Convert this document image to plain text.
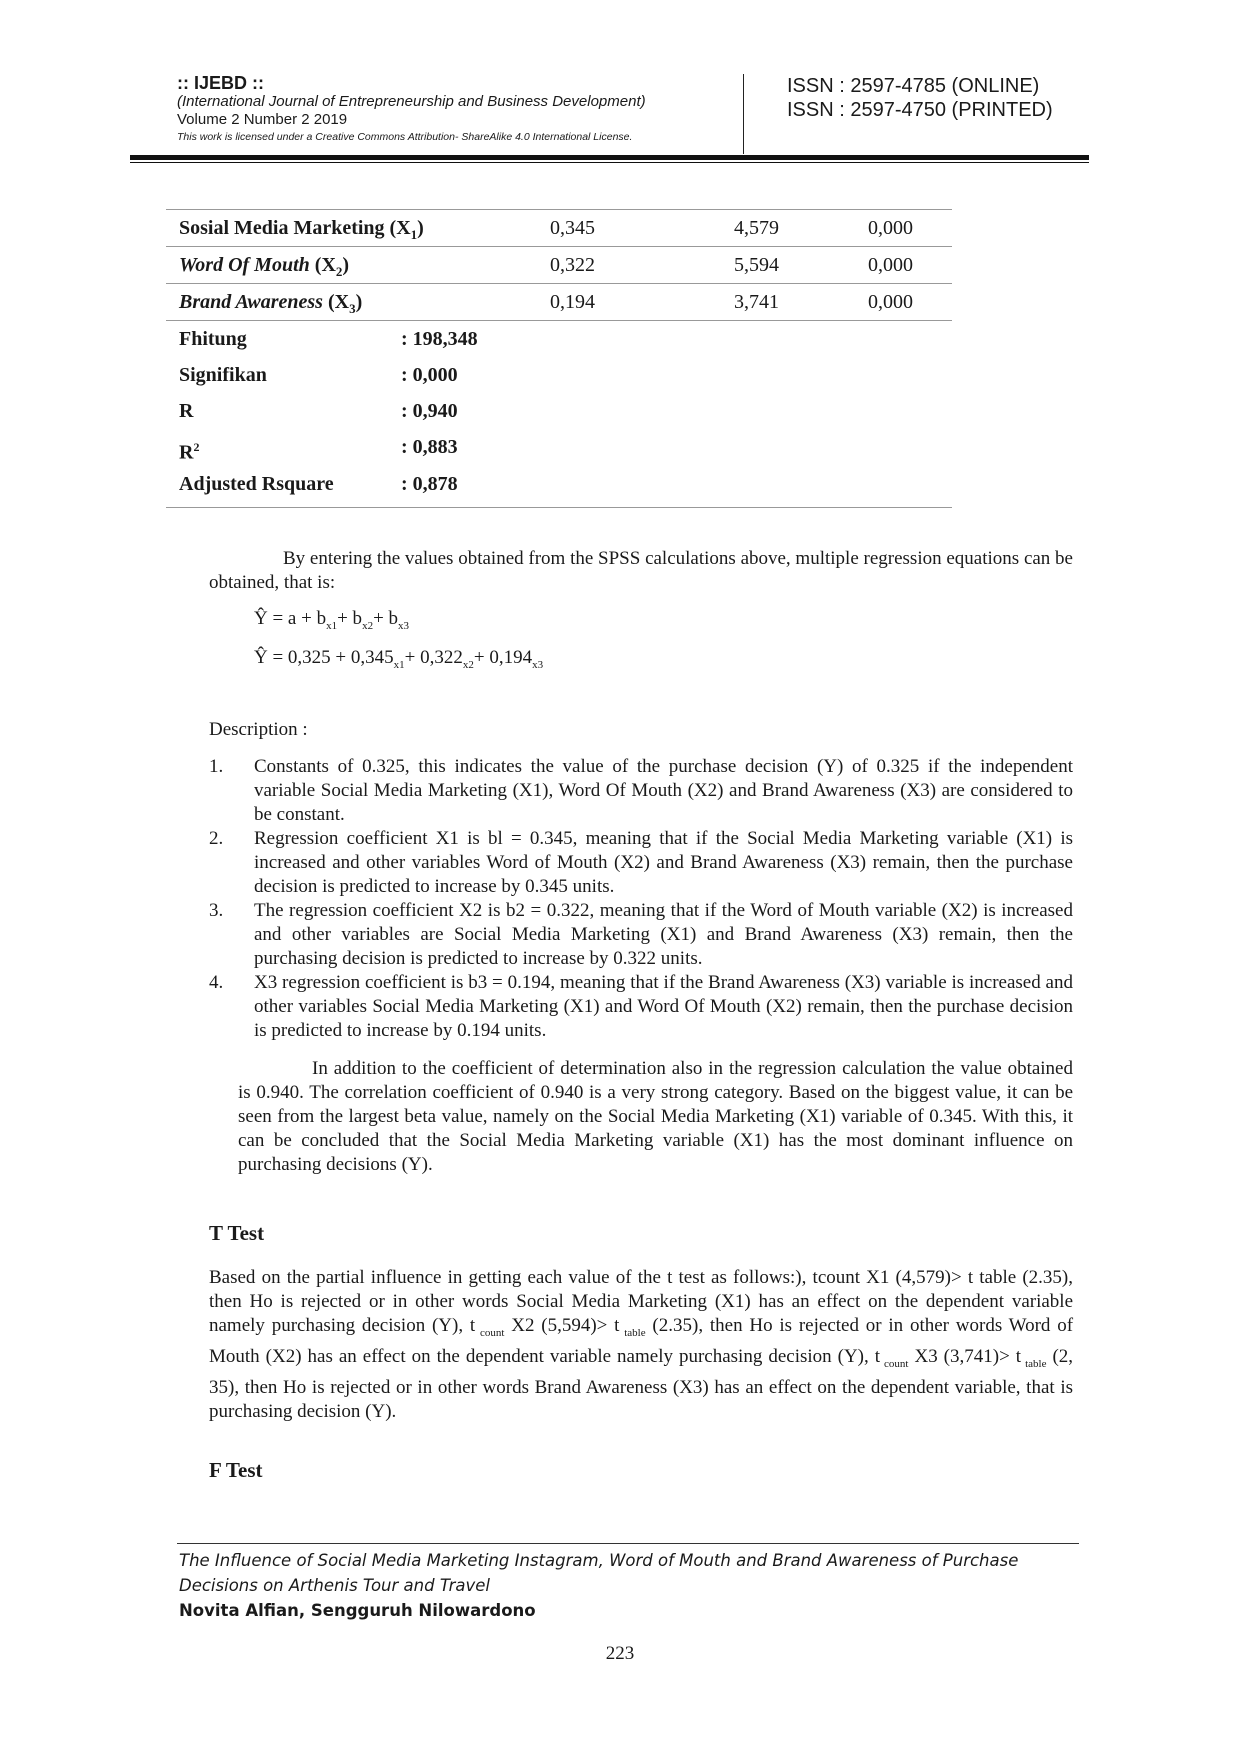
:: IJEBD ::
(International Journal of Entrepreneurship and Business Development)
Volume 2 Number 2 2019
This work is licensed under a Creative Commons Attribution- ShareAlike 4.0 International License.
ISSN : 2597-4785 (ONLINE)
ISSN : 2597-4750 (PRINTED)
Sosial Media Marketing $(X_1)$	0,345	4,579	0,000
Word Of Mouth $(X_2)$	0,322	5,594	0,000
Brand Awareness $(X_3)$	0,194	3,741	0,000
Fhitung	: 198,348
Signifikan	: 0,000
R	: 0,940
$R^2$	: 0,883
Adjusted Rsquare	: 0,878
By entering the values obtained from the SPSS calculations above, multiple regression equations can be obtained, that is:
Ŷ = $a + b_{x1}+ b_{x2}+ b_{x3}$
Ŷ = $0,325 + 0,345_{x1}+ 0,322_{x2}+ 0,194_{x3}$
Description :
1. Constants of 0.325, this indicates the value of the purchase decision (Y) of 0.325 if the independent variable Social Media Marketing (X1), Word Of Mouth (X2) and Brand Awareness (X3) are considered to be constant.
2. Regression coefficient X1 is bl = 0.345, meaning that if the Social Media Marketing variable (X1) is increased and other variables Word of Mouth (X2) and Brand Awareness (X3) remain, then the purchase decision is predicted to increase by 0.345 units.
3. The regression coefficient X2 is b2 = 0.322, meaning that if the Word of Mouth variable (X2) is increased and other variables are Social Media Marketing (X1) and Brand Awareness (X3) remain, then the purchasing decision is predicted to increase by 0.322 units.
4. X3 regression coefficient is b3 = 0.194, meaning that if the Brand Awareness (X3) variable is increased and other variables Social Media Marketing (X1) and Word Of Mouth (X2) remain, then the purchase decision is predicted to increase by 0.194 units.
In addition to the coefficient of determination also in the regression calculation the value obtained is 0.940. The correlation coefficient of 0.940 is a very strong category. Based on the biggest value, it can be seen from the largest beta value, namely on the Social Media Marketing (X1) variable of 0.345. With this, it can be concluded that the Social Media Marketing variable (X1) has the most dominant influence on purchasing decisions (Y).
T Test
Based on the partial influence in getting each value of the t test as follows:), tcount X1 (4,579)> t table (2.35), then Ho is rejected or in other words Social Media Marketing (X1) has an effect on the dependent variable namely purchasing decision (Y), t $_{count}$ X2 (5,594)> t $_{table}$ (2.35), then Ho is rejected or in other words Word of Mouth (X2) has an effect on the dependent variable namely purchasing decision (Y), t $_{count}$ X3 (3,741)> t $_{table}$ (2, 35), then Ho is rejected or in other words Brand Awareness (X3) has an effect on the dependent variable, that is purchasing decision (Y).
F Test
The Influence of Social Media Marketing Instagram, Word of Mouth and Brand Awareness of Purchase Decisions on Arthenis Tour and Travel
Novita Alfian, Sengguruh Nilowardono
223
